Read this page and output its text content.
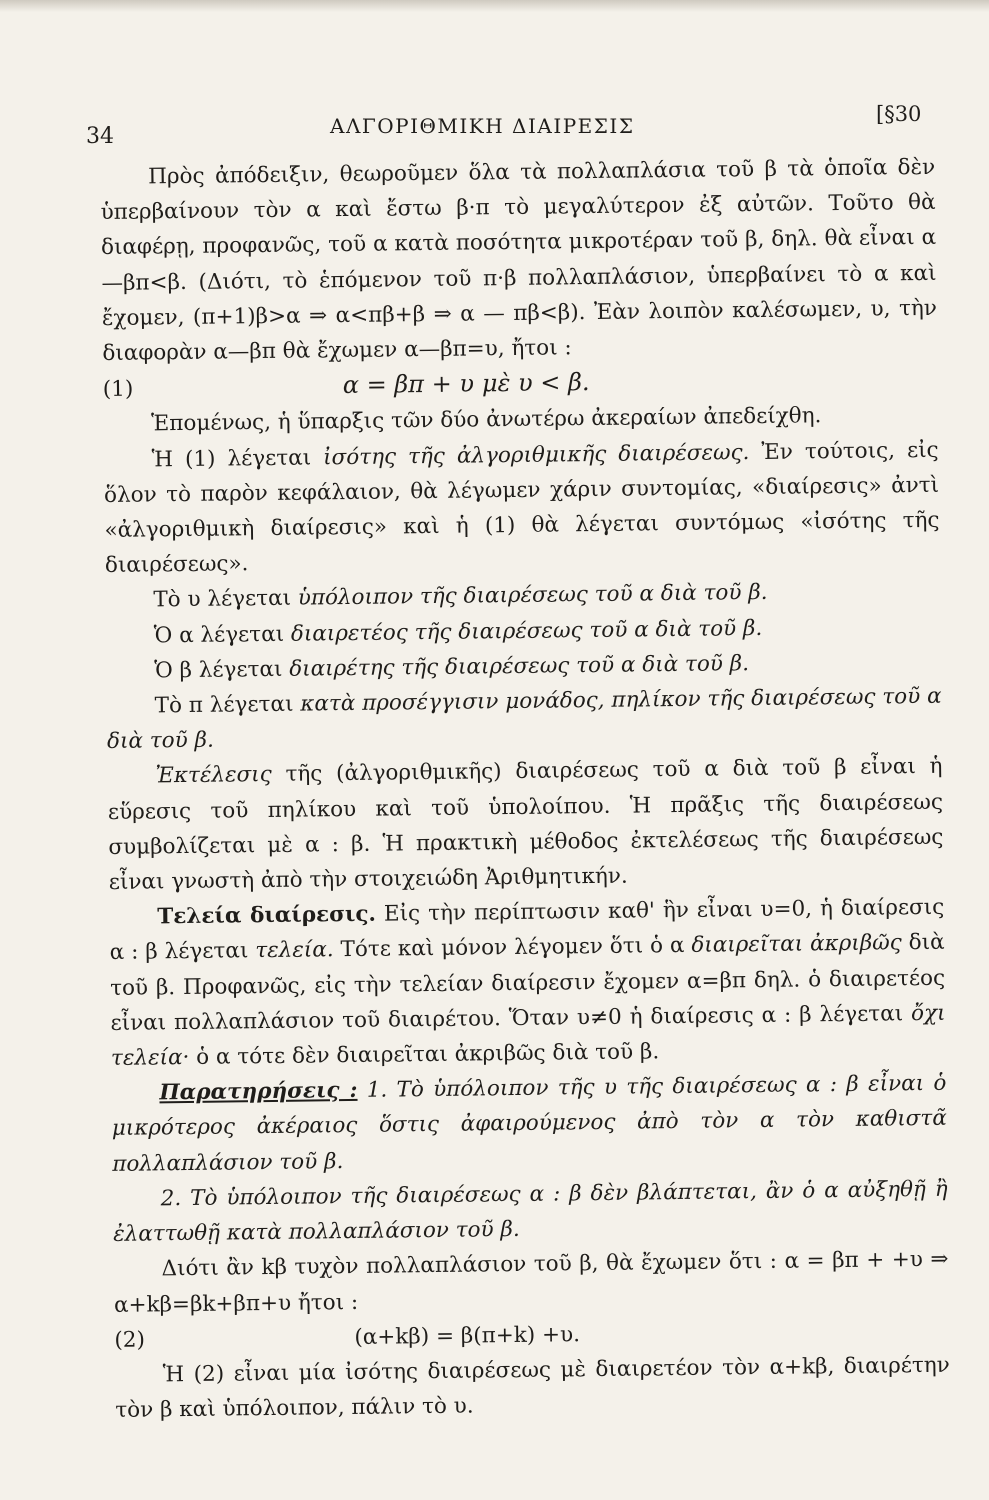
34	ΑΛΓΟΡΙΘΜΙΚΗ ΔΙΑΙΡΕΣΙΣ	[§30

Πρὸς ἀπόδειξιν, θεωροῦμεν ὅλα τὰ πολλαπλάσια τοῦ β τὰ ὁποῖα δὲν ὑπερβαίνουν τὸν α καὶ ἔστω β·π τὸ μεγαλύτερον ἐξ αὐτῶν. Τοῦτο θὰ διαφέρῃ, προφανῶς, τοῦ α κατὰ ποσότητα μικροτέραν τοῦ β, δηλ. θὰ εἶναι α—βπ<β. (Διότι, τὸ ἑπόμενον τοῦ π·β πολλαπλάσιον, ὑπερβαίνει τὸ α καὶ ἔχομεν, (π+1)β>α ⇒ α<πβ+β ⇒ α — πβ<β). Ἐὰν λοιπὸν καλέσωμεν, υ, τὴν διαφορὰν α—βπ θὰ ἔχωμεν α—βπ=υ, ἤτοι :

(1)	α = βπ + υ μὲ υ < β.

Ἑπομένως, ἡ ὕπαρξις τῶν δύο ἀνωτέρω ἀκεραίων ἀπεδείχθη.

Ἡ (1) λέγεται ἰσότης τῆς ἀλγοριθμικῆς διαιρέσεως. Ἐν τούτοις, εἰς ὅλον τὸ παρὸν κεφάλαιον, θὰ λέγωμεν χάριν συντομίας, «διαίρεσις» ἀντὶ «ἀλγοριθμικὴ διαίρεσις» καὶ ἡ (1) θὰ λέγεται συντόμως «ἰσότης τῆς διαιρέσεως».

Τὸ υ λέγεται ὑπόλοιπον τῆς διαιρέσεως τοῦ α διὰ τοῦ β.

Ὁ α λέγεται διαιρετέος τῆς διαιρέσεως τοῦ α διὰ τοῦ β.

Ὁ β λέγεται διαιρέτης τῆς διαιρέσεως τοῦ α διὰ τοῦ β.

Τὸ π λέγεται κατὰ προσέγγισιν μονάδος, πηλίκον τῆς διαιρέσεως τοῦ α διὰ τοῦ β.

Ἐκτέλεσις τῆς (ἀλγοριθμικῆς) διαιρέσεως τοῦ α διὰ τοῦ β εἶναι ἡ εὕρεσις τοῦ πηλίκου καὶ τοῦ ὑπολοίπου. Ἡ πρᾶξις τῆς διαιρέσεως συμβολίζεται μὲ α : β. Ἡ πρακτικὴ μέθοδος ἐκτελέσεως τῆς διαιρέσεως εἶναι γνωστὴ ἀπὸ τὴν στοιχειώδη Ἀριθμητικήν.

Τελεία διαίρεσις. Εἰς τὴν περίπτωσιν καθ' ἣν εἶναι υ=0, ἡ διαίρεσις α : β λέγεται τελεία. Τότε καὶ μόνον λέγομεν ὅτι ὁ α διαιρεῖται ἀκριβῶς διὰ τοῦ β. Προφανῶς, εἰς τὴν τελείαν διαίρεσιν ἔχομεν α=βπ δηλ. ὁ διαιρετέος εἶναι πολλαπλάσιον τοῦ διαιρέτου. Ὅταν υ≠0 ἡ διαίρεσις α : β λέγεται ὄχι τελεία· ὁ α τότε δὲν διαιρεῖται ἀκριβῶς διὰ τοῦ β.

Παρατηρήσεις : 1. Τὸ ὑπόλοιπον τῆς υ τῆς διαιρέσεως α : β εἶναι ὁ μικρότερος ἀκέραιος ὅστις ἀφαιρούμενος ἀπὸ τὸν α τὸν καθιστᾶ πολλαπλάσιον τοῦ β.

2. Τὸ ὑπόλοιπον τῆς διαιρέσεως α : β δὲν βλάπτεται, ἂν ὁ α αὐξηθῇ ἢ ἐλαττωθῇ κατὰ πολλαπλάσιον τοῦ β.

Διότι ἂν kβ τυχὸν πολλαπλάσιον τοῦ β, θὰ ἔχωμεν ὅτι : α = βπ + +υ ⇒ α+kβ=βk+βπ+υ ἤτοι :

(2)	(α+kβ) = β(π+k) +υ.

Ἡ (2) εἶναι μία ἰσότης διαιρέσεως μὲ διαιρετέον τὸν α+kβ, διαιρέτην τὸν β καὶ ὑπόλοιπον, πάλιν τὸ υ.
